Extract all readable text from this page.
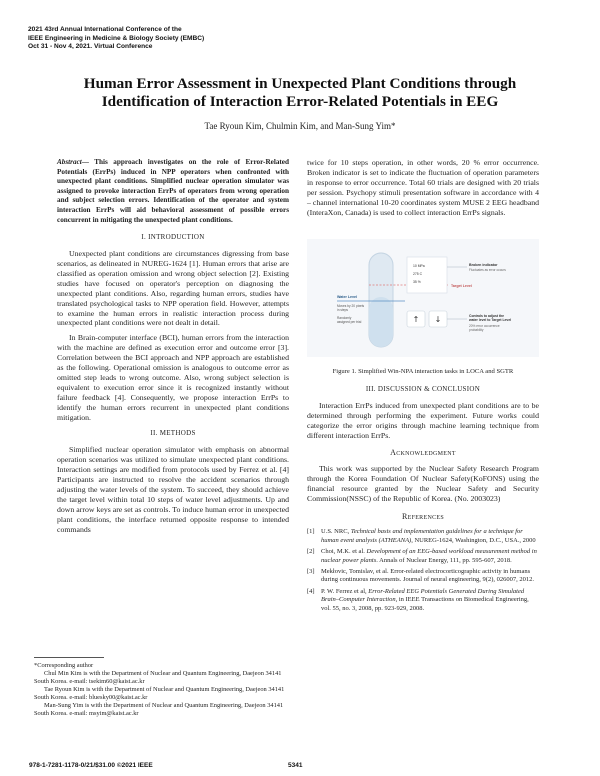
2021 43rd Annual International Conference of the
IEEE Engineering in Medicine & Biology Society (EMBC)
Oct 31 - Nov 4, 2021. Virtual Conference
Human Error Assessment in Unexpected Plant Conditions through
Identification of Interaction Error-Related Potentials in EEG
Tae Ryoun Kim, Chulmin Kim, and Man-Sung Yim*
Abstract— This approach investigates on the role of Error-Related Potentials (ErrPs) induced in NPP operators when confronted with unexpected plant conditions. Simplified nuclear operation simulator was assigned to provoke interaction ErrPs of operators from wrong operation and subject selection errors. Identification of the operator and system interaction ErrPs will aid behavioral assessment of possible errors concurrent in mitigating the unexpected plant conditions.
I. INTRODUCTION

Unexpected plant conditions are circumstances digressing from base scenarios, as delineated in NUREG-1624 [1]. Human errors that arise are classified as operation omission and wrong object selection [2]. Existing studies have focused on operator's perception on diagnosing the unexpected plant conditions. Also, regarding human errors, studies have translated psychological tasks to NPP operation field. However, attempts to examine the human errors in realistic interaction process during unexpected plant conditions were not dealt in detail.

In Brain-computer interface (BCI), human errors from the interaction with the machine are defined as execution error and outcome error [3]. Correlation between the BCI approach and NPP approach are established as the following. Operational omission is analogous to outcome error as omitted step leads to wrong outcome. Also, wrong subject selection is equivalent to execution error since it is recognized instantly without failure feedback [4]. Consequently, we propose interaction ErrPs to identify the human errors recurrent in unexpected plant conditions mitigation.

II. METHODS

Simplified nuclear operation simulator with emphasis on abnormal operation scenarios was utilized to simulate unexpected plant conditions. Interaction settings are modified from protocols used by Ferrez et al. [4] Participants are instructed to resolve the accident scenarios through adjusting the water levels of the system. To succeed, they should achieve the target level within total 10 steps of water level adjustments. Up and down arrow keys are set as controls. To induce human error in unexpected plant conditions, the interface returned opposite response to intended commands

twice for 10 steps operation, in other words, 20 % error occurrence. Broken indicator is set to indicate the fluctuation of operation parameters in response to error occurrence. Total 60 trials are designed with 20 trials per session. Psychopy stimuli presentation software in accordance with 4 – channel international 10-20 coordinates system MUSE 2 EEG headband (InteraXon, Canada) is used to collect interaction ErrPs signals.

Water Level
Moves by 20 pixels
in steps
Randomly
assigned per trial
10 MPa
275 C
35 %
Broken indicator
Fluctuates as error occurs
Target Level
Controls to adjust the
water level to Target Level
20% error occurrence
probability
↑ ↓
Figure 1. Simplified Win-NPA interaction tasks in LOCA and SGTR
III. DISCUSSION & CONCLUSION

Interaction ErrPs induced from unexpected plant conditions are to be determined through performing the experiment. Future works could categorize the error origins through machine learning technique from different interaction ErrPs.

Acknowledgment

This work was supported by the Nuclear Safety Research Program through the Korea Foundation Of Nuclear Safety(KoFONS) using the financial resource granted by the Nuclear Safety and Security Commission(NSSC) of the Republic of Korea. (No. 2003023)

References
[1] U.S. NRC, Technical basis and implementation guidelines for a technique for human event analysis (ATHEANA), NUREG-1624, Washington, D.C., USA., 2000
[2] Choi, M.K. et al. Development of an EEG-based workload measurement method in nuclear power plants. Annals of Nuclear Energy, 111, pp. 595-607, 2018.
[3] Mekłovic, Tomislav, et al. Error-related electrocorticographic activity in humans during continuous movements. Journal of neural engineering, 9(2), 026007, 2012.
[4] P. W. Ferrez et al, Error-Related EEG Potentials Generated During Simulated Brain–Computer Interaction, in IEEE Transactions on Biomedical Engineering, vol. 55, no. 3, 2008, pp. 923-929, 2008.
*Corresponding author
Chul Min Kim is with the Department of Nuclear and Quantum Engineering, Daejeon 34141 South Korea. e-mail: tsekim60@kaist.ac.kr
Tae Ryoun Kim is with the Department of Nuclear and Quantum Engineering, Daejeon 34141 South Korea. e-mail: bluesky00@kaist.ac.kr
Man-Sung Yim is with the Department of Nuclear and Quantum Engineering, Daejeon 34141 South Korea. e-mail: msyim@kaist.ac.kr
978-1-7281-1178-0/21/$31.00 ©2021 IEEE	5341
